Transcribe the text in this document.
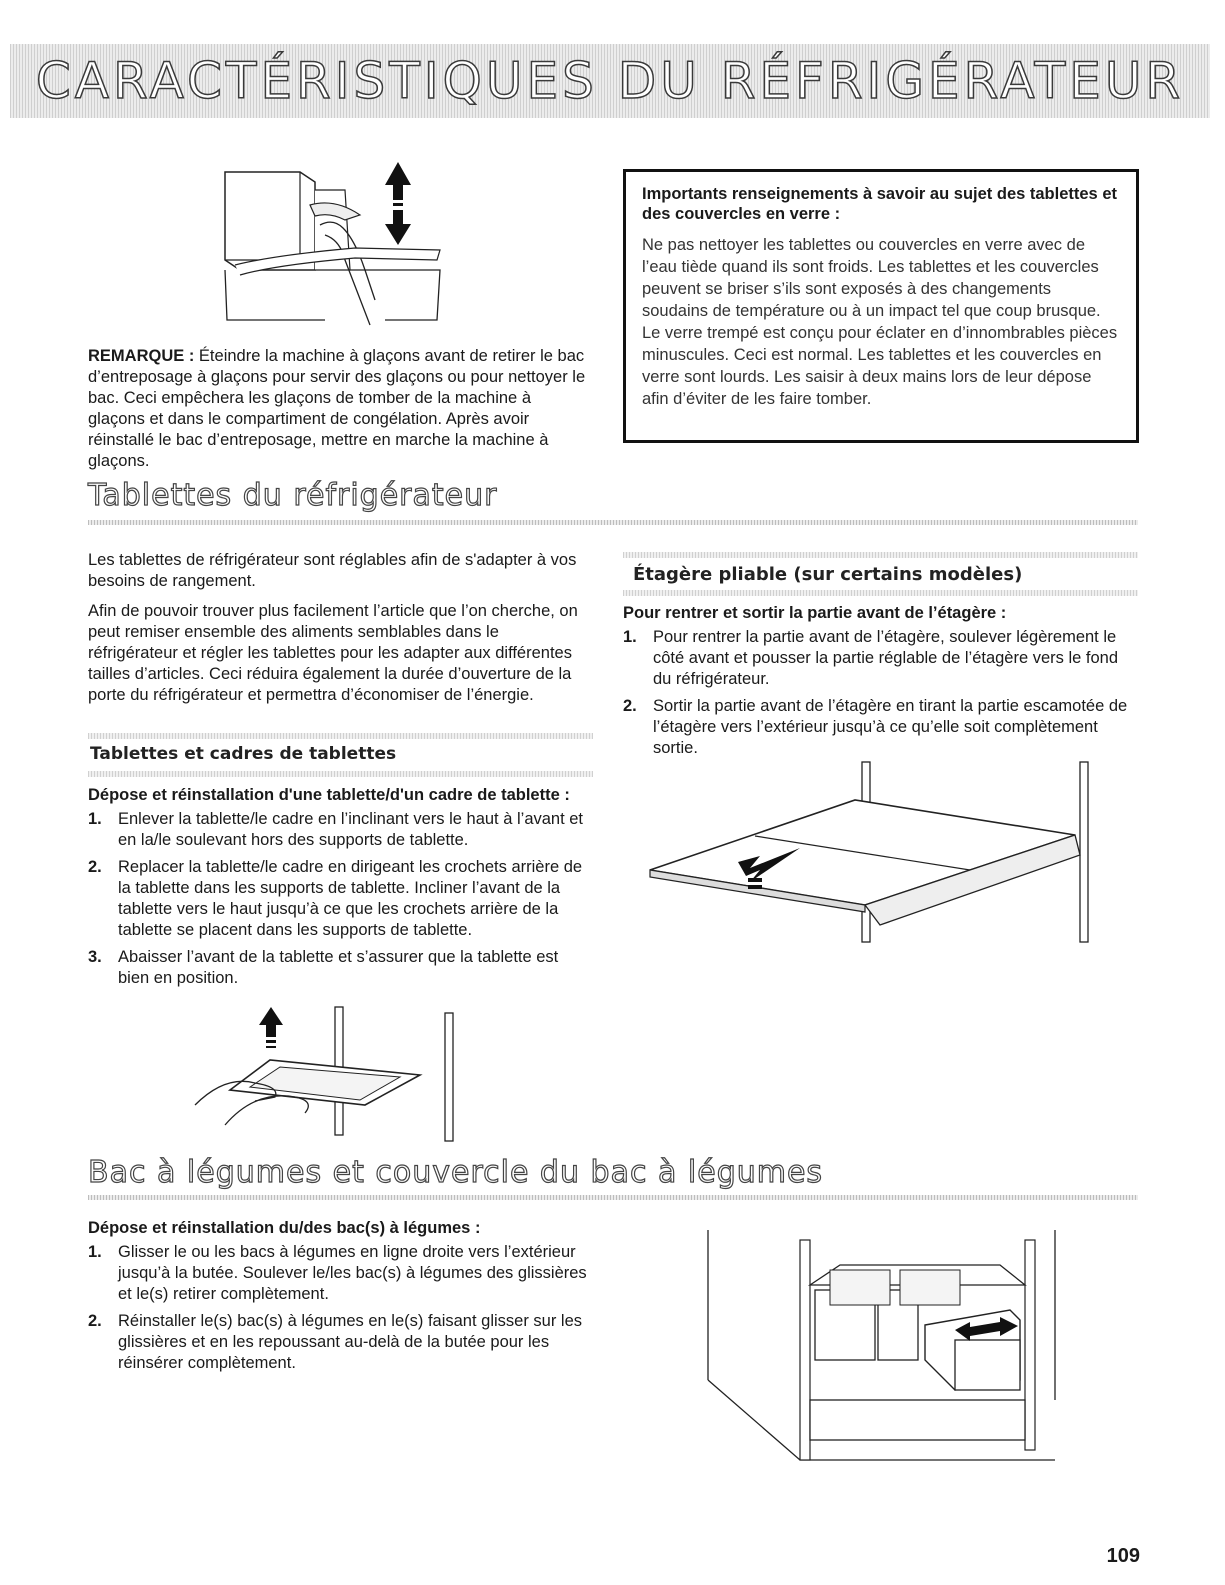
CARACTÉRISTIQUES DU RÉFRIGÉRATEUR

REMARQUE : Éteindre la machine à glaçons avant de retirer le bac d’entreposage à glaçons pour servir des glaçons ou pour nettoyer le bac. Ceci empêchera les glaçons de tomber de la machine à glaçons et dans le compartiment de congélation. Après avoir réinstallé le bac d’entreposage, mettre en marche la machine à glaçons.

Importants renseignements à savoir au sujet des tablettes et des couvercles en verre :

Ne pas nettoyer les tablettes ou couvercles en verre avec de l’eau tiède quand ils sont froids. Les tablettes et les couvercles peuvent se briser s’ils sont exposés à des changements soudains de température ou à un impact tel que coup brusque. Le verre trempé est conçu pour éclater en d’innombrables pièces minuscules. Ceci est normal. Les tablettes et les couvercles en verre sont lourds. Les saisir à deux mains lors de leur dépose afin d’éviter de les faire tomber.

Tablettes du réfrigérateur

Les tablettes de réfrigérateur sont réglables afin de s'adapter à vos besoins de rangement.

Afin de pouvoir trouver plus facilement l’article que l’on cherche, on peut remiser ensemble des aliments semblables dans le réfrigérateur et régler les tablettes pour les adapter aux différentes tailles d’articles. Ceci réduira également la durée d’ouverture de la porte du réfrigérateur et permettra d’économiser de l’énergie.

Tablettes et cadres de tablettes

Dépose et réinstallation d'une tablette/d'un cadre de tablette :

1. Enlever la tablette/le cadre en l’inclinant vers le haut à l’avant et en la/le soulevant hors des supports de tablette.
2. Replacer la tablette/le cadre en dirigeant les crochets arrière de la tablette dans les supports de tablette. Incliner l’avant de la tablette vers le haut jusqu’à ce que les crochets arrière de la tablette se placent dans les supports de tablette.
3. Abaisser l’avant de la tablette et s’assurer que la tablette est bien en position.
Étagère pliable (sur certains modèles)

Pour rentrer et sortir la partie avant de l’étagère :

1. Pour rentrer la partie avant de l’étagère, soulever légèrement le côté avant et pousser la partie réglable de l’étagère vers le fond du réfrigérateur.
2. Sortir la partie avant de l’étagère en tirant la partie escamotée de l’étagère vers l’extérieur jusqu’à ce qu’elle soit complètement sortie.
Bac à légumes et couvercle du bac à légumes

Dépose et réinstallation du/des bac(s) à légumes :

1. Glisser le ou les bacs à légumes en ligne droite vers l’extérieur jusqu’à la butée. Soulever le/les bac(s) à légumes des glissières et le(s) retirer complètement.
2. Réinstaller le(s) bac(s) à légumes en le(s) faisant glisser sur les glissières et en les repoussant au-delà de la butée pour les réinsérer complètement.
109
